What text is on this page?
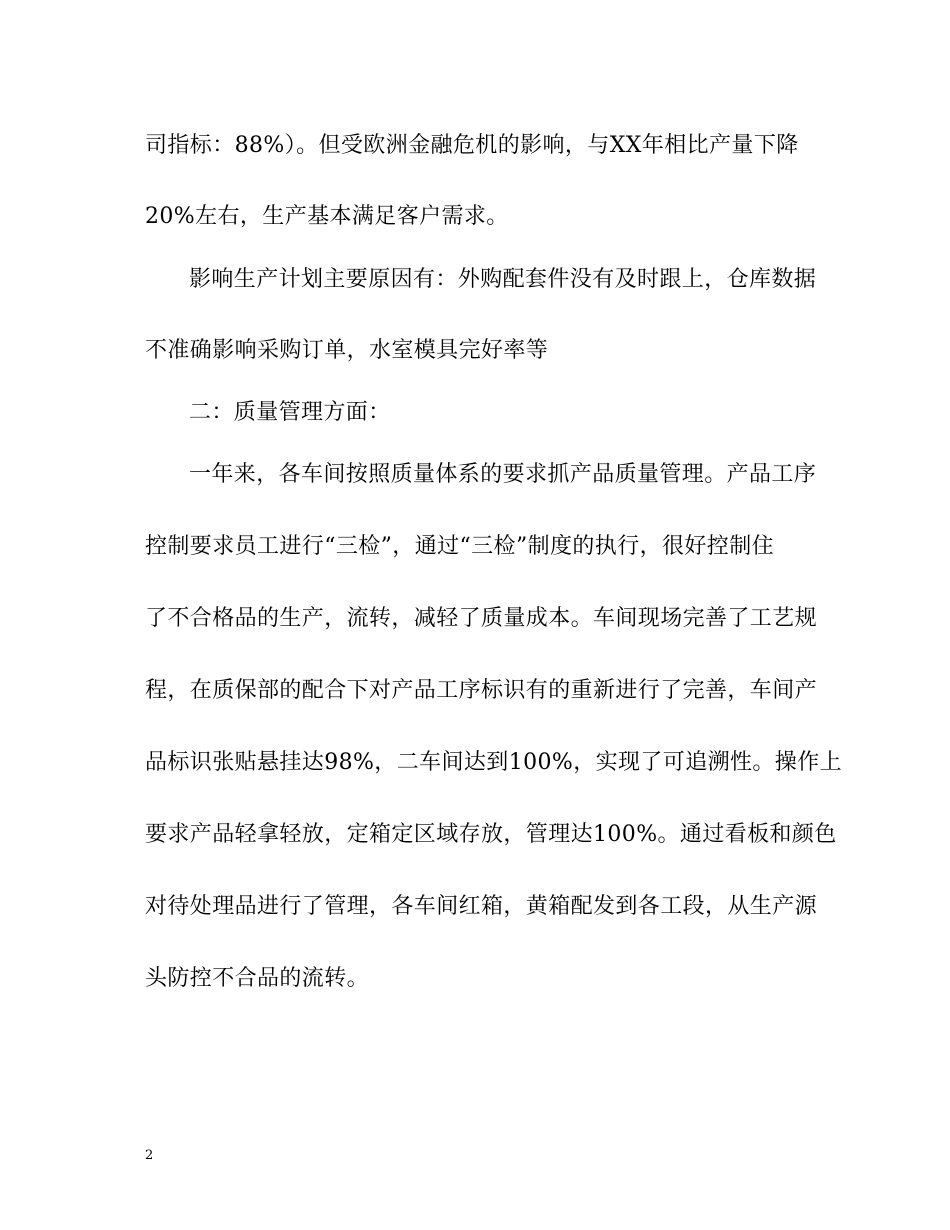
司指标：88%）。但受欧洲金融危机的影响，与XX年相比产量下降
20%左右，生产基本满足客户需求。
影响生产计划主要原因有：外购配套件没有及时跟上，仓库数据
不准确影响采购订单，水室模具完好率等
二：质量管理方面：
一年来，各车间按照质量体系的要求抓产品质量管理。产品工序
控制要求员工进行“三检”，通过“三检”制度的执行，很好控制住
了不合格品的生产，流转，减轻了质量成本。车间现场完善了工艺规
程，在质保部的配合下对产品工序标识有的重新进行了完善，车间产
品标识张贴悬挂达98%，二车间达到100%，实现了可追溯性。操作上
要求产品轻拿轻放，定箱定区域存放，管理达100%。通过看板和颜色
对待处理品进行了管理，各车间红箱，黄箱配发到各工段，从生产源
头防控不合品的流转。
2
